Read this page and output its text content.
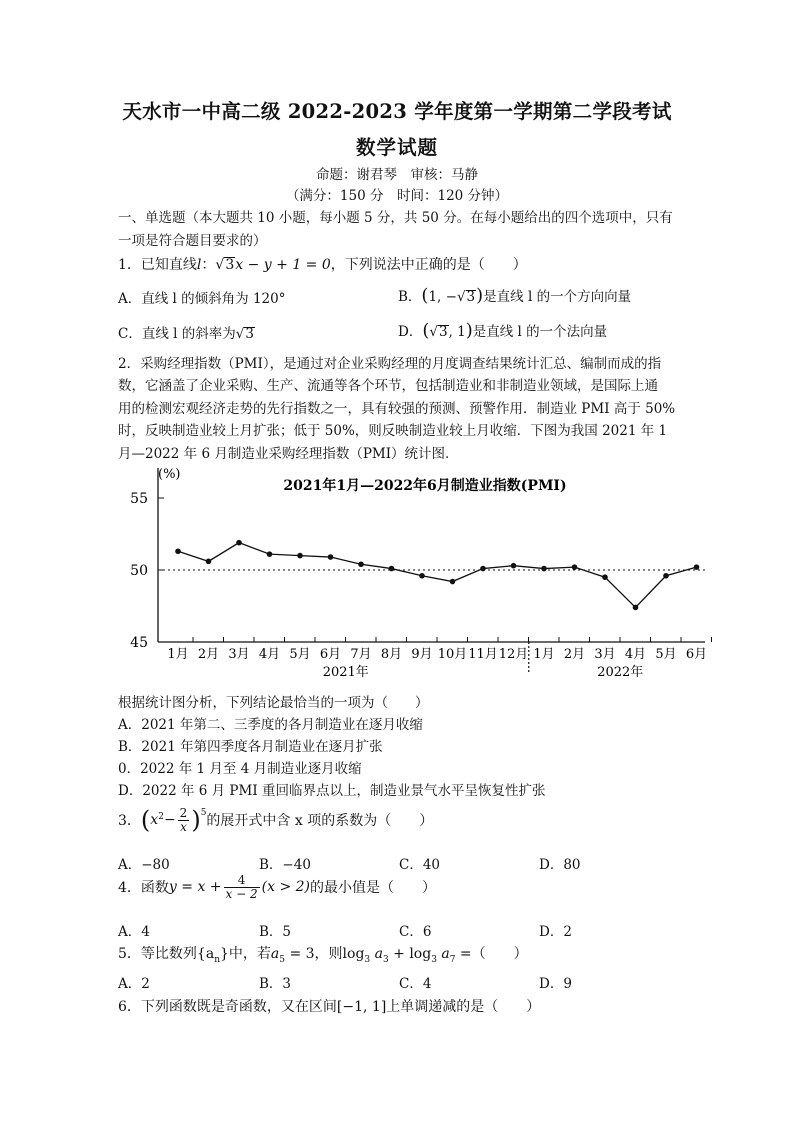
天水市一中高二级 2022-2023 学年度第一学期第二学段考试
数学试题
命题：谢君琴　审核：马静
（满分：150 分　时间：120 分钟）
一、单选题（本大题共 10 小题，每小题 5 分，共 50 分。在每小题给出的四个选项中，只有
一项是符合题目要求的）
1．已知直线l：√3x − y + 1 = 0，下列说法中正确的是（　　）
A．直线 l 的倾斜角为 120°	B．(1, −√3)是直线 l 的一个方向向量
C．直线 l 的斜率为√3	D．(√3, 1)是直线 l 的一个法向量
2．采购经理指数（PMI），是通过对企业采购经理的月度调查结果统计汇总、编制而成的指
数，它涵盖了企业采购、生产、流通等各个环节，包括制造业和非制造业领域，是国际上通
用的检测宏观经济走势的先行指数之一，具有较强的预测、预警作用．制造业 PMI 高于 50%
时，反映制造业较上月扩张；低于 50%，则反映制造业较上月收缩．下图为我国 2021 年 1
月—2022 年 6 月制造业采购经理指数（PMI）统计图．
2021年1月—2022年6月制造业指数(PMI)
(%)
45
50
55
1月 2月 3月 4月 5月 6月 7月 8月 9月 10月 11月 12月 1月 2月 3月 4月 5月 6月
2021年	2022年
根据统计图分析，下列结论最恰当的一项为（　　）
A．2021 年第二、三季度的各月制造业在逐月收缩
B．2021 年第四季度各月制造业在逐月扩张
0．2022 年 1 月至 4 月制造业逐月收缩
D．2022 年 6 月 PMI 重回临界点以上，制造业景气水平呈恢复性扩张
3． ( $x^2 - \frac{2}{x} )^5$ 的展开式中含 x 项的系数为（　　）
A．−80	B．−40	C．40	D．80
4．函数 $y = x + \frac{4}{x - 2} (x > 2)$ 的最小值是（　　）
A．4	B．5	C．6	D．2
5．等比数列$\{a_n\}$中，若$a_5 = 3$，则$\log_3 a_3 + \log_3 a_7$ =（　　）
A．2	B．3	C．4	D．9
6．下列函数既是奇函数，又在区间[−1, 1]上单调递减的是（　　）
